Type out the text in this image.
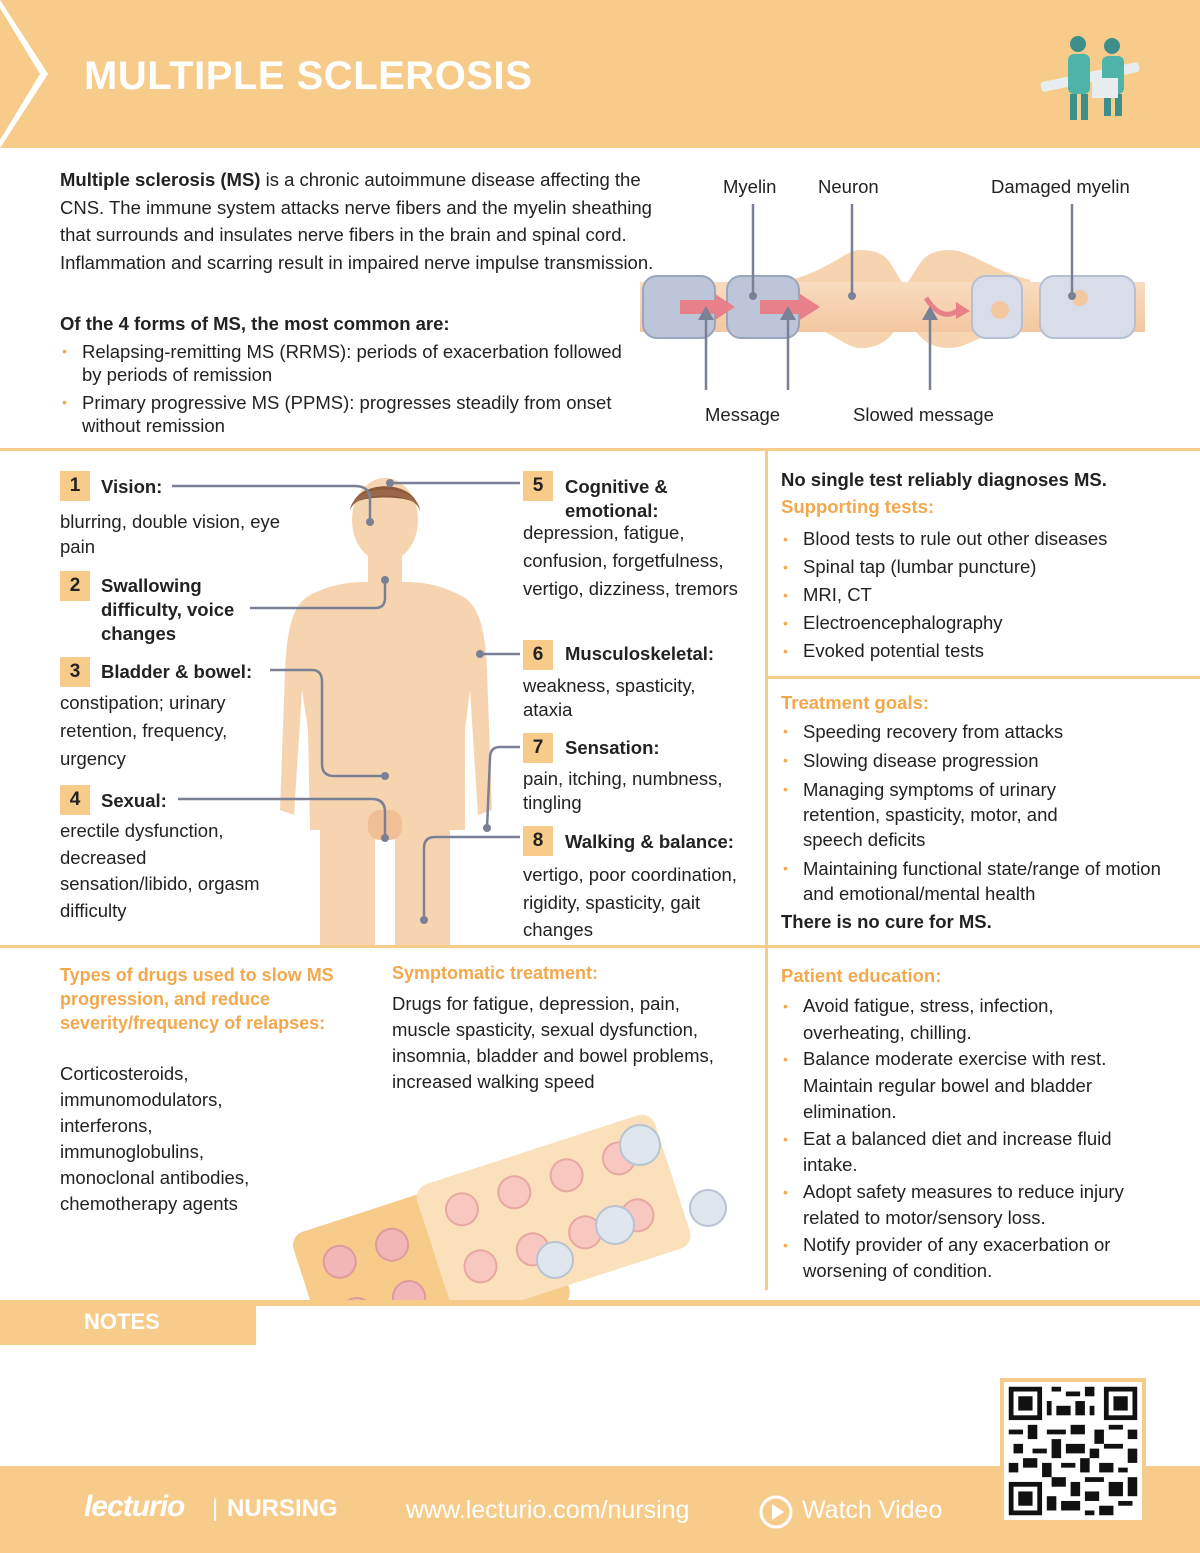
MULTIPLE SCLEROSIS
Multiple sclerosis (MS) is a chronic autoimmune disease affecting the CNS. The immune system attacks nerve fibers and the myelin sheathing that surrounds and insulates nerve fibers in the brain and spinal cord. Inflammation and scarring result in impaired nerve impulse transmission.
Of the 4 forms of MS, the most common are:
• Relapsing-remitting MS (RRMS): periods of exacerbation followed by periods of remission
• Primary progressive MS (PPMS): progresses steadily from onset without remission
Myelin Neuron	Damaged myelin
Message	Slowed message
1	Vision:
blurring, double vision, eye pain
2	Swallowing difficulty, voice changes
3	Bladder & bowel:
constipation; urinary retention, frequency, urgency
4	Sexual:
erectile dysfunction,
decreased
sensation/libido, orgasm difficulty
5	Cognitive & emotional:
depression, fatigue, confusion, forgetfulness, vertigo, dizziness, tremors
6	Musculoskeletal:
weakness, spasticity, ataxia
7	Sensation:
pain, itching, numbness, tingling
8	Walking & balance:
vertigo, poor coordination, rigidity, spasticity, gait changes
No single test reliably diagnoses MS.
Supporting tests:
• Blood tests to rule out other diseases
• Spinal tap (lumbar puncture)
• MRI, CT
• Electroencephalography
• Evoked potential tests
Treatment goals:
• Speeding recovery from attacks
• Slowing disease progression
• Managing symptoms of urinary retention, spasticity, motor, and speech deficits
• Maintaining functional state/range of motion and emotional/mental health
There is no cure for MS.
Types of drugs used to slow MS progression, and reduce severity/frequency of relapses:
Corticosteroids, immunomodulators, interferons, immunoglobulins, monoclonal antibodies, chemotherapy agents
Symptomatic treatment:
Drugs for fatigue, depression, pain, muscle spasticity, sexual dysfunction, insomnia, bladder and bowel problems, increased walking speed
Patient education:
• Avoid fatigue, stress, infection, overheating, chilling.
• Balance moderate exercise with rest. Maintain regular bowel and bladder elimination.
• Eat a balanced diet and increase fluid intake.
• Adopt safety measures to reduce injury related to motor/sensory loss.
• Notify provider of any exacerbation or worsening of condition.
NOTES
lecturio | NURSING	www.lecturio.com/nursing	Watch Video
